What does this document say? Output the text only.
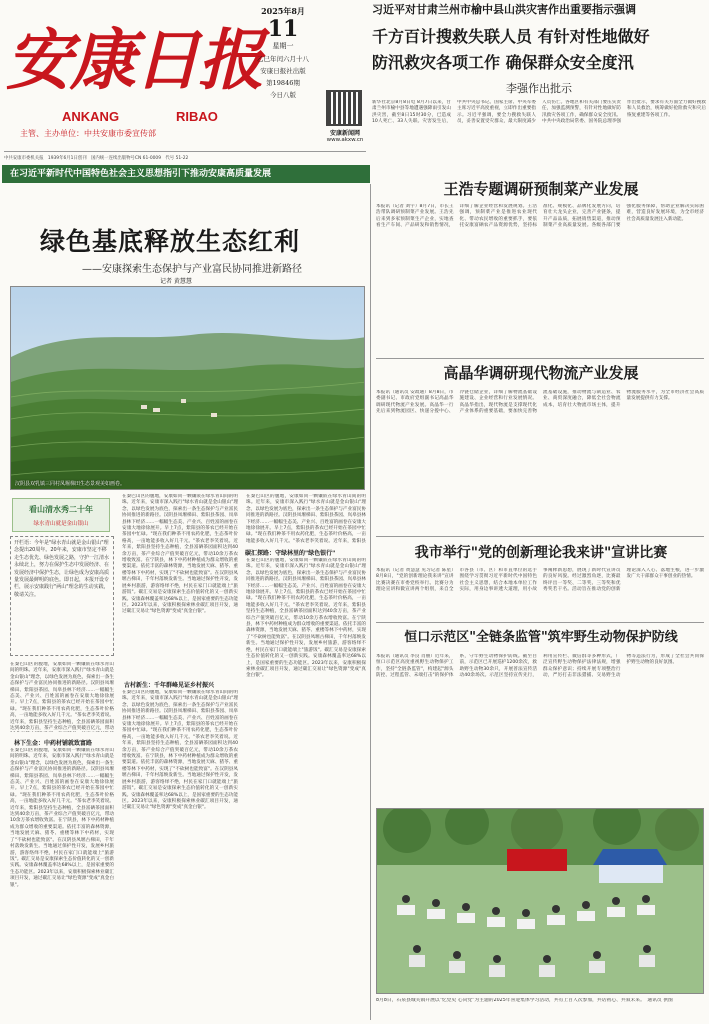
安康日报
ANKANG	RIBAO
主管、主办单位：中共安康市委宣传部
2025年8月
11
星期一
乙巳年闰六月十八
安康日报社出版
第19846期
今日八版
安康新闻网
www.akxw.cn
中共安康市委机关报　1939年6月1日创刊　国内统一连续出版物号CN 61-0009　代号 51-22
习近平对甘肃兰州市榆中县山洪灾害作出重要指示强调
千方百计搜救失联人员 有针对性地做好
防汛救灾各项工作 确保群众安全度汛
李强作出批示
新华社北京8月8日电 8月7日以来，甘肃兰州市榆中县等地遭遇强降雨引发山洪灾害，截至8日15时30分，已造成10人死亡、33人失联。灾害发生后，中共中央总书记、国家主席、中央军委主席习近平高度重视，立即作出重要指示。习近平强调，要全力搜救失联人员，妥善安置受灾群众，最大限度减少人员伤亡。各地区和有关部门要压实责任，加强监测预警，有针对性地做好防汛救灾各项工作，确保群众安全度汛。中共中央政治局常委、国务院总理李强作出批示，要求有关方面全力做好搜救和人员救治，统筹做好抢险救灾和灾后恢复重建等各项工作。
在习近平新时代中国特色社会主义思想指引下推动安康高质量发展
绿色基底释放生态红利
——安康探索生态保护与产业富民协同推进新路径
记者 黄慧慧
汉阴县双乳镇三同村凤堰梯田生态景观美如画卷。
看山清水秀二十年
绿水青山就是金山银山
开栏语：今年是"绿水青山就是金山银山"理念提出20周年。20年来，安康市坚定不移走生态优先、绿色发展之路，守护一江清水永续北上，努力在保护生态中发展经济、在发展经济中保护生态，让绿色成为安康高质量发展最鲜明的底色。即日起，本报开设专栏，展示安康践行"两山"理念的生动实践，敬请关注。
林下生金：中药材铺就致富路
古村新生：千年群峰见证乡村振兴
碳汇探路：守绿林里的"绿色银行"
在秦巴山区的腹地，安康如同一颗镶嵌在绿水青山间的明珠。近年来，安康市深入践行"绿水青山就是金山银山"理念，以绿色发展为底色，探索出一条生态保护与产业富民协同推进的新路径。汉阴县凤堰梯田、紫阳县茶园、岚皋县林下经济……一幅幅生态美、产业兴、百姓富的画卷在安康大地徐徐展开。早上7点，紫阳县的茶农已经开始在茶园中忙碌。"现在我们种茶不用农药化肥，生态茶叶价格高，一亩地能多收入好几千元。"茶农老李笑着说。近年来，紫阳县坚持生态种植，全县富硒茶园面积达到40余万亩，茶产业综合产值突破百亿元，带动
在秦巴山区的腹地，安康如同一颗镶嵌在绿水青山间的明珠。近年来，安康市深入践行"绿水青山就是金山银山"理念，以绿色发展为底色，探索出一条生态保护与产业富民协同推进的新路径。汉阴县凤堰梯田、紫阳县茶园、岚皋县林下经济……一幅幅生态美、产业兴、百姓富的画卷在安康大地徐徐展开。早上7点，紫阳县的茶农已经开始在茶园中忙碌。"现在我们种茶不用农药化肥，生态茶叶价格高，一亩地能多收入好几千元。"茶农老李笑着说。近年来，紫阳县坚持生态种植，全县富硒茶园面积达到40余万亩，茶产业综合产值突破百亿元，带动10余万茶农增收致富。在宁陕县，林下中药材种植成为群众增收的重要渠道。依托丰富的森林资源，当地发展天麻、猪苓、重楼等林下中药材，实现了"不砍树也能致富"。在汉阴县凤堰古梯田，千年村落焕发新生。当地通过保护性开发，发展乡村旅游，游客络绎不绝，村民在家门口就能端上"旅游饭"。碳汇交易是安康探索生态价值转化的又一创新实践。安康森林覆盖率达68%以上，是国家重要的生态功能区。2023年以来，安康积极探索林业碳汇项目开发，通过碳汇交易让"绿色资源"变成"真金白银"。
在秦巴山区的腹地，安康如同一颗镶嵌在绿水青山间的明珠。近年来，安康市深入践行"绿水青山就是金山银山"理念，以绿色发展为底色，探索出一条生态保护与产业富民协同推进的新路径。汉阴县凤堰梯田、紫阳县茶园、岚皋县林下经济……一幅幅生态美、产业兴、百姓富的画卷在安康大地徐徐展开。早上7点，紫阳县的茶农已经开始在茶园中忙碌。"现在我们种茶不用农药化肥，生态茶叶价格高，一亩地能多收入好几千元。"茶农老李笑着说。近年来，紫阳县坚持生态种植，全县富硒茶园面积达到40余万亩，茶产业综合产值突破百亿元，带动10余万茶农增收致富。在宁陕县，林下中药材种植成为群众增收的重要渠道。依托丰富的森林资源，当地发展天麻、猪苓、重楼等林下中药材，实现了"不砍树也能致富"。在汉阴县凤堰古梯田，千年村落焕发新生。当地通过保护性开发，发展乡村旅游，游客络绎不绝，村民在家门口就能端上"旅游饭"。碳汇交易是安康探索生态价值转化的又一创新实践。安康森林覆盖率达68%以上，是国家重要的生态功能区。2023年以来，安康积极探索林业碳汇项目开发，通过碳汇交易让"绿色资源"变成"真金白银"。
在秦巴山区的腹地，安康如同一颗镶嵌在绿水青山间的明珠。近年来，安康市深入践行"绿水青山就是金山银山"理念，以绿色发展为底色，探索出一条生态保护与产业富民协同推进的新路径。汉阴县凤堰梯田、紫阳县茶园、岚皋县林下经济……一幅幅生态美、产业兴、百姓富的画卷在安康大地徐徐展开。早上7点，紫阳县的茶农已经开始在茶园中忙碌。"现在我们种茶不用农药化肥，生态茶叶价格高，一亩地能多收入好几千元。"茶农老李笑着说。近年来，紫阳县坚持生态种植，全县富硒茶园面积达到40余万亩，茶产业综合产值突破百亿元，带动10余万茶农增收致富。在宁陕县，林下中药材种植成为群众增收的重要渠道。依托丰富的森林资源，当地发展天麻、猪苓、重楼等林下中药材，实现了"不砍树也能致富"。在汉阴县凤堰古梯田，千年村落焕发新生。当地通过保护性开发，发展乡村旅游，游客络绎不绝，村民在家门口就能端上"旅游饭"。碳汇交易是安康探索生态价值转化的又一创新实践。安康森林覆盖率达68%以上，是国家重要的生态功能区。2023年以来，安康积极探索林业碳汇项目开发，通过碳汇交易让"绿色资源"变成"真金白银"。
在秦巴山区的腹地，安康如同一颗镶嵌在绿水青山间的明珠。近年来，安康市深入践行"绿水青山就是金山银山"理念，以绿色发展为底色，探索出一条生态保护与产业富民协同推进的新路径。汉阴县凤堰梯田、紫阳县茶园、岚皋县林下经济……一幅幅生态美、产业兴、百姓富的画卷在安康大地徐徐展开。早上7点，紫阳县的茶农已经开始在茶园中忙碌。"现在我们种茶不用农药化肥，生态茶叶价格高，一亩地能多收入好几千元。"茶农老李笑着说。近年来，紫阳县
在秦巴山区的腹地，安康如同一颗镶嵌在绿水青山间的明珠。近年来，安康市深入践行"绿水青山就是金山银山"理念，以绿色发展为底色，探索出一条生态保护与产业富民协同推进的新路径。汉阴县凤堰梯田、紫阳县茶园、岚皋县林下经济……一幅幅生态美、产业兴、百姓富的画卷在安康大地徐徐展开。早上7点，紫阳县的茶农已经开始在茶园中忙碌。"现在我们种茶不用农药化肥，生态茶叶价格高，一亩地能多收入好几千元。"茶农老李笑着说。近年来，紫阳县坚持生态种植，全县富硒茶园面积达到40余万亩，茶产业综合产值突破百亿元，带动10余万茶农增收致富。在宁陕县，林下中药材种植成为群众增收的重要渠道。依托丰富的森林资源，当地发展天麻、猪苓、重楼等林下中药材，实现了"不砍树也能致富"。在汉阴县凤堰古梯田，千年村落焕发新生。当地通过保护性开发，发展乡村旅游，游客络绎不绝，村民在家门口就能端上"旅游饭"。碳汇交易是安康探索生态价值转化的又一创新实践。安康森林覆盖率达68%以上，是国家重要的生态功能区。2023年以来，安康积极探索林业碳汇项目开发，通过碳汇交易让"绿色资源"变成"真金白银"。
王浩专题调研预制菜产业发展
本报讯（记者 刘宇）8月7日，市长王浩带队调研预制菜产业发展。王浩先后来到多家预制菜生产企业，实地查看生产车间、产品研发和销售情况，详细了解企业经营和发展规划。王浩强调，预制菜产业是推进农业现代化、带动农民增收的重要抓手，要依托安康富硒农产品资源优势，坚持标准化、规模化、品牌化发展方向，培育壮大龙头企业，完善产业链条，提升产品品质，拓展销售渠道，推动预制菜产业高质量发展。各级各部门要强化服务保障，帮助企业解决实际困难，营造良好发展环境，为全市经济社会高质量发展注入新动能。
高晶华调研现代物流产业发展
本报讯（通讯员 安政通）8月8日，市委副书记、市政府党组副书记高晶华调研现代物流产业发展。高晶华一行先后来到物流园区、快递分拨中心、冷链仓储企业，详细了解物流基础设施建设、企业经营和行业发展情况。高晶华指出，现代物流是支撑现代化产业体系的重要基础，要加快完善物流基础设施，推动物流与制造业、农业、商贸深度融合，降低全社会物流成本，培育壮大物流市场主体，提升物流服务水平，为全市经济社会高质量发展提供有力支撑。
我市举行"党的创新理论我来讲"宣讲比赛
本报讯（记者 黄慧慧 见习记者 陈星）8月8日，"党的创新理论我来讲"宣讲比赛决赛在市委党校举行。比赛分为理论宣讲和微宣讲两个组别，来自全市各县（市、区）和市直单位的选手围绕学习贯彻习近平新时代中国特色社会主义思想，结合本地本单位工作实际，用身边事讲透大道理，用小故事阐释新思想，展现了新时代宣讲员的良好风貌。经过激烈角逐，比赛最终评出一等奖、二等奖、三等奖和优秀奖若干名。活动旨在推动党的创新理论深入人心、落地生根，进一步激发广大干部群众干事创业的热情。
恒口示范区"全链条监管"筑牢野生动物保护防线
本报讯（通讯员 李良 肖丽）近年来，恒口示范区高度重视野生动物保护工作，坚持"全链条监管"，构建起"源头防控、过程监管、末端打击"的保护体系，守牢野生动物保护防线。截至目前，示范区已开展巡护1200余次，救助野生动物30余只，开展普法宣传活动40余场次。示范区坚持宣传先行，利用宣传栏、微信群等多种形式，广泛宣传野生动物保护法律法规，增强群众保护意识；持续开展专项整治行动，严厉打击非法猎捕、交易野生动物等违法行为，形成了全社会共同保护野生动物的良好氛围。
8月8日，石泉县城关镇开展以"忆党史 心向党"为主题的2025年喜迎集体学习活动，共有上百人次参加，共话初心、共叙未来。　通讯员 供图
